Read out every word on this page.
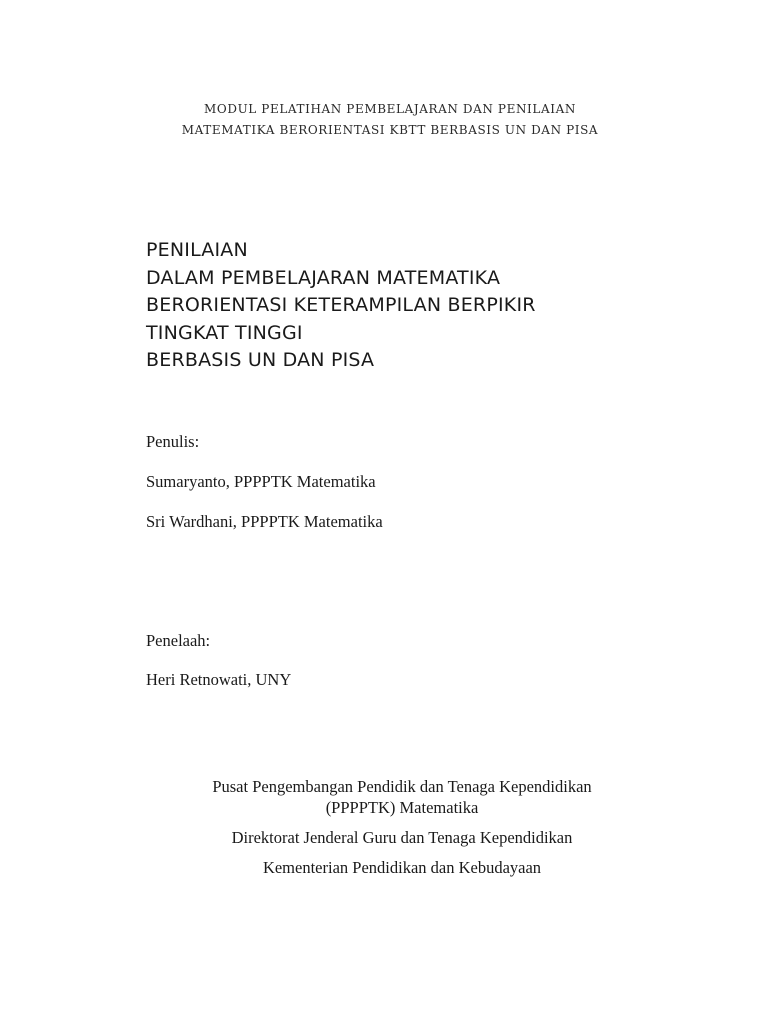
MODUL PELATIHAN PEMBELAJARAN DAN PENILAIAN
MATEMATIKA BERORIENTASI KBTT BERBASIS UN DAN PISA
PENILAIAN
DALAM PEMBELAJARAN MATEMATIKA
BERORIENTASI KETERAMPILAN BERPIKIR
TINGKAT TINGGI
BERBASIS UN DAN PISA
Penulis:
Sumaryanto, PPPPTK Matematika
Sri Wardhani, PPPPTK Matematika
Penelaah:
Heri Retnowati, UNY
Pusat Pengembangan Pendidik dan Tenaga Kependidikan
(PPPPTK) Matematika
Direktorat Jenderal Guru dan Tenaga Kependidikan
Kementerian Pendidikan dan Kebudayaan
